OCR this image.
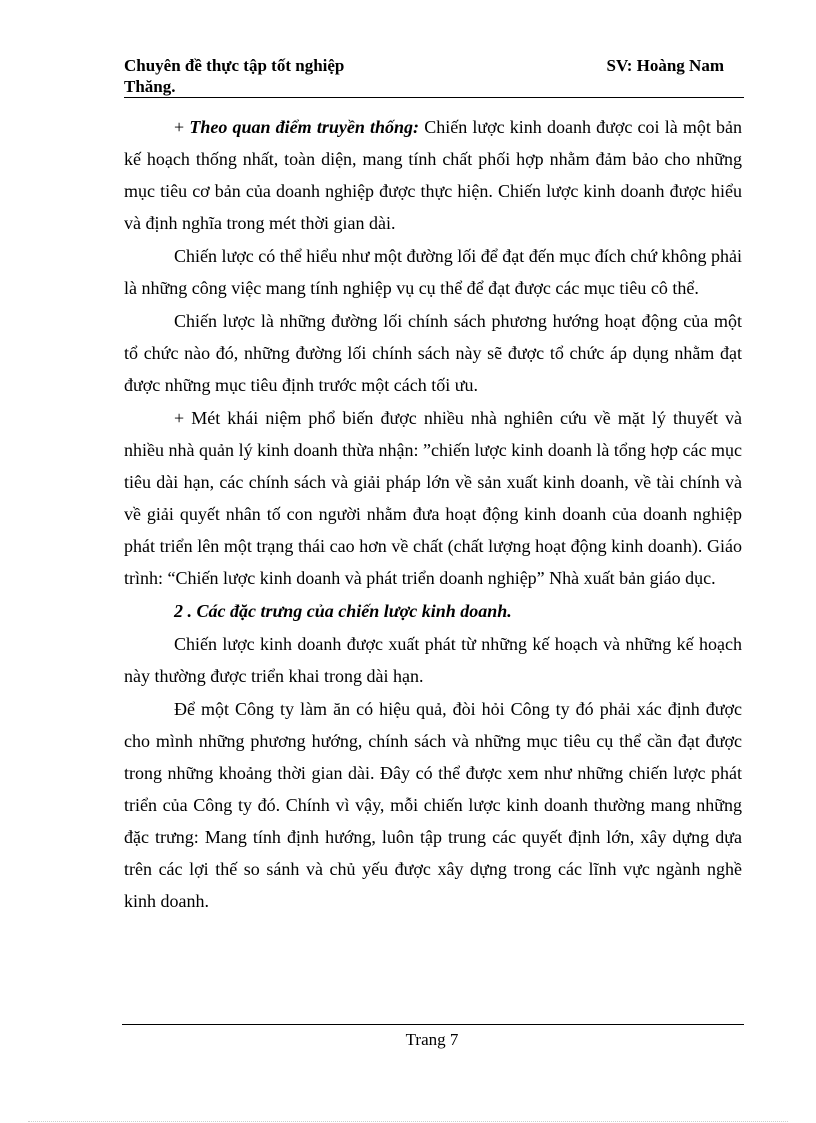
Chuyên đề thực tập tốt nghiệp
Thăng.
SV: Hoàng Nam

+ Theo quan điểm truyền thống: Chiến lược kinh doanh được coi là một bản kế hoạch thống nhất, toàn diện, mang tính chất phối hợp nhằm đảm bảo cho những mục tiêu cơ bản của doanh nghiệp được thực hiện. Chiến lược kinh doanh được hiểu và định nghĩa trong mét thời gian dài.

Chiến lược có thể hiểu như một đường lối để đạt đến mục đích chứ không phải là những công việc mang tính nghiệp vụ cụ thể để đạt được các mục tiêu cô thể.

Chiến lược là những đường lối chính sách phương hướng hoạt động của một tổ chức nào đó, những đường lối chính sách này sẽ được tổ chức áp dụng nhằm đạt được những mục tiêu định trước một cách tối ưu.

+ Mét khái niệm phổ biến được nhiều nhà nghiên cứu về mặt lý thuyết và nhiều nhà quản lý kinh doanh thừa nhận: ”chiến lược kinh doanh là tổng hợp các mục tiêu dài hạn, các chính sách và giải pháp lớn về sản xuất kinh doanh, về tài chính và về giải quyết nhân tố con người nhằm đưa hoạt động kinh doanh của doanh nghiệp phát triển lên một trạng thái cao hơn về chất (chất lượng hoạt động kinh doanh). Giáo trình: “Chiến lược kinh doanh và phát triển doanh nghiệp” Nhà xuất bản giáo dục.

2 . Các đặc trưng của chiến lược kinh doanh.

Chiến lược kinh doanh được xuất phát từ những kế hoạch và những kế hoạch này thường được triển khai trong dài hạn.

Để một Công ty làm ăn có hiệu quả, đòi hỏi Công ty đó phải xác định được cho mình những phương hướng, chính sách và những mục tiêu cụ thể cần đạt được trong những khoảng thời gian dài. Đây có thể được xem như những chiến lược phát triển của Công ty đó. Chính vì vậy, mỗi chiến lược kinh doanh thường mang những đặc trưng: Mang tính định hướng, luôn tập trung các quyết định lớn, xây dựng dựa trên các lợi thế so sánh và chủ yếu được xây dựng trong các lĩnh vực ngành nghề kinh doanh.

Trang 7
